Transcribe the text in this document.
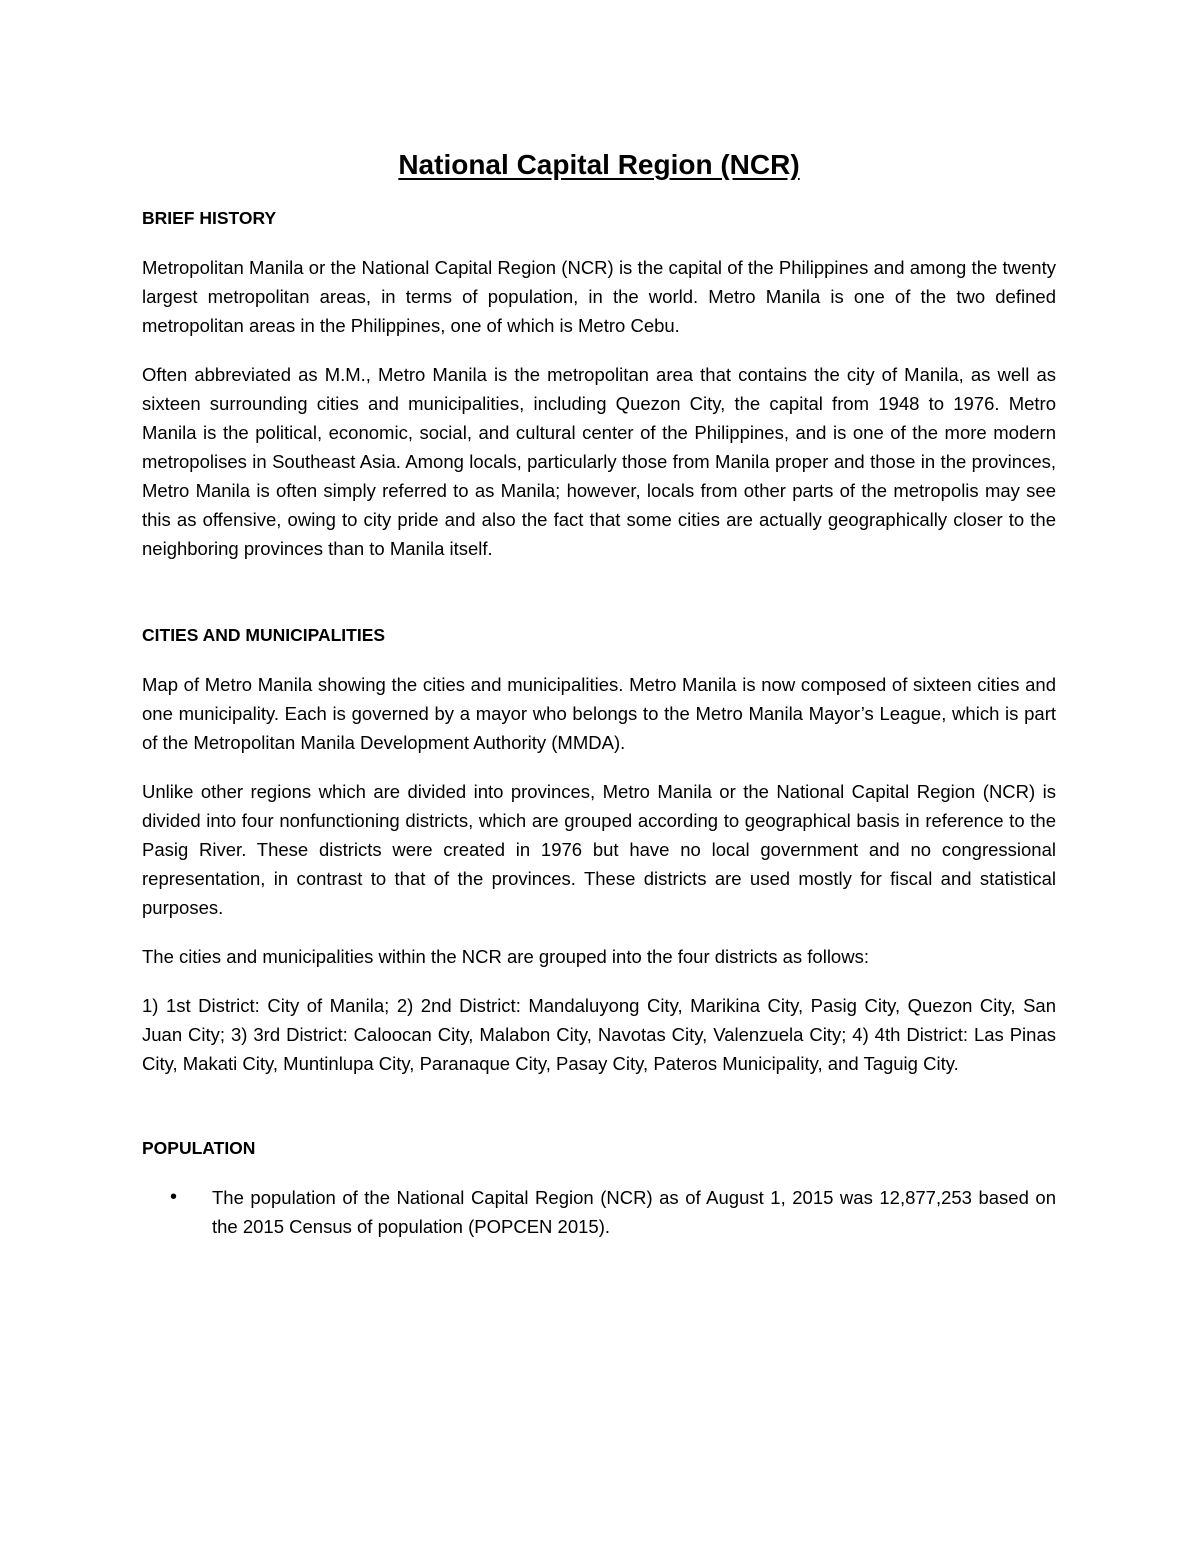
National Capital Region (NCR)
BRIEF HISTORY

Metropolitan Manila or the National Capital Region (NCR) is the capital of the Philippines and among the twenty largest metropolitan areas, in terms of population, in the world. Metro Manila is one of the two defined metropolitan areas in the Philippines, one of which is Metro Cebu.

Often abbreviated as M.M., Metro Manila is the metropolitan area that contains the city of Manila, as well as sixteen surrounding cities and municipalities, including Quezon City, the capital from 1948 to 1976. Metro Manila is the political, economic, social, and cultural center of the Philippines, and is one of the more modern metropolises in Southeast Asia. Among locals, particularly those from Manila proper and those in the provinces, Metro Manila is often simply referred to as Manila; however, locals from other parts of the metropolis may see this as offensive, owing to city pride and also the fact that some cities are actually geographically closer to the neighboring provinces than to Manila itself.

CITIES AND MUNICIPALITIES

Map of Metro Manila showing the cities and municipalities. Metro Manila is now composed of sixteen cities and one municipality. Each is governed by a mayor who belongs to the Metro Manila Mayor’s League, which is part of the Metropolitan Manila Development Authority (MMDA).

Unlike other regions which are divided into provinces, Metro Manila or the National Capital Region (NCR) is divided into four nonfunctioning districts, which are grouped according to geographical basis in reference to the Pasig River. These districts were created in 1976 but have no local government and no congressional representation, in contrast to that of the provinces. These districts are used mostly for fiscal and statistical purposes.

The cities and municipalities within the NCR are grouped into the four districts as follows:

1) 1st District: City of Manila; 2) 2nd District: Mandaluyong City, Marikina City, Pasig City, Quezon City, San Juan City; 3) 3rd District: Caloocan City, Malabon City, Navotas City, Valenzuela City; 4) 4th District: Las Pinas City, Makati City, Muntinlupa City, Paranaque City, Pasay City, Pateros Municipality, and Taguig City.

POPULATION
• The population of the National Capital Region (NCR) as of August 1, 2015 was 12,877,253 based on the 2015 Census of population (POPCEN 2015).
